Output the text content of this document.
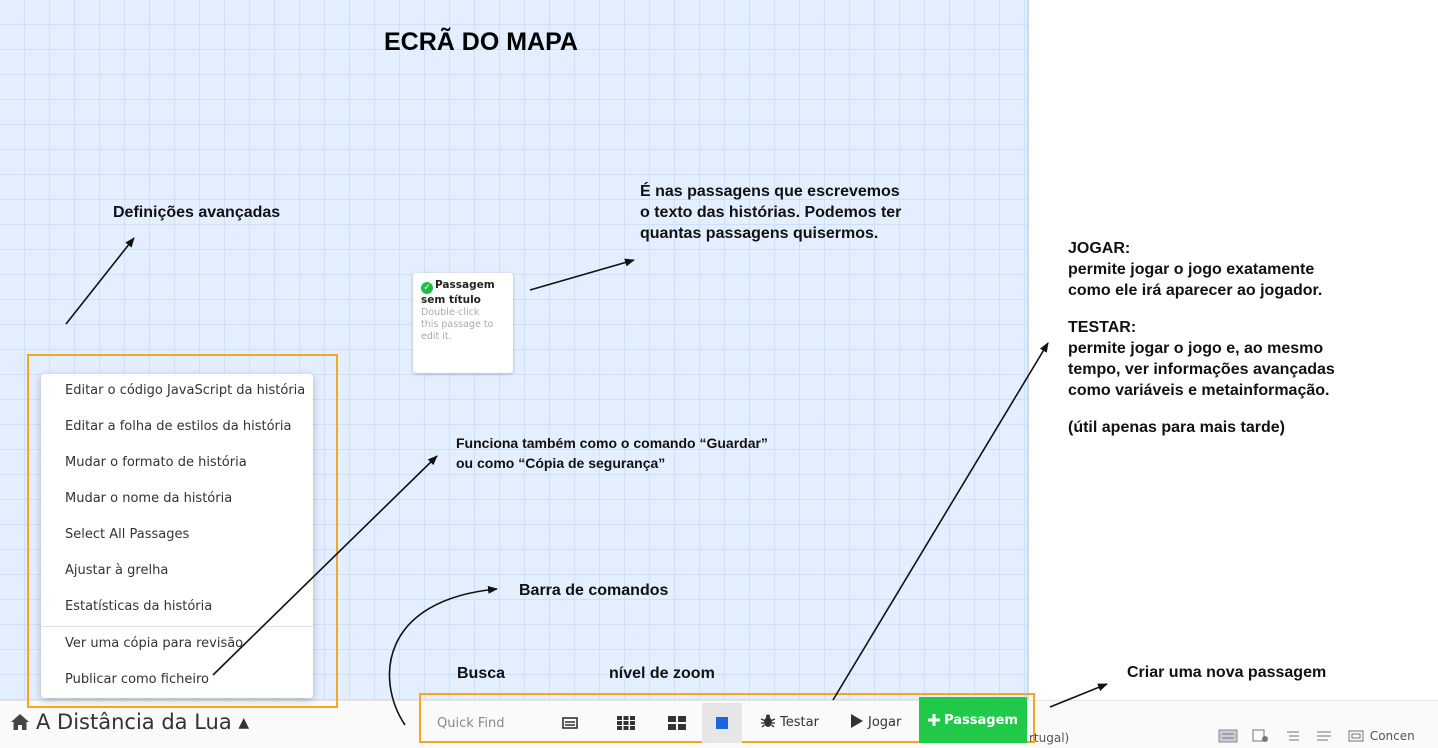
ECRÃ DO MAPA
Definições avançadas
É nas passagens que escrevemos
o texto das histórias. Podemos ter
quantas passagens quisermos.
Funciona também como o comando “Guardar”
ou como “Cópia de segurança”
Barra de comandos
Busca	nível de zoom	Criar uma nova passagem
JOGAR:
permite jogar o jogo exatamente
como ele irá aparecer ao jogador.
TESTAR:
permite jogar o jogo e, ao mesmo
tempo, ver informações avançadas
como variáveis e metainformação.
(útil apenas para mais tarde)
✓ Passagem
sem título
Double-click
this passage to
edit it.
Editar o código JavaScript da história
Editar a folha de estilos da história
Mudar o formato de história
Mudar o nome da história
Select All Passages
Ajustar à grelha
Estatísticas da história
Ver uma cópia para revisão
Publicar como ficheiro
A Distância da Lua ▲
Quick Find	Testar	Jogar	Passagem
rtugal)	Concen
